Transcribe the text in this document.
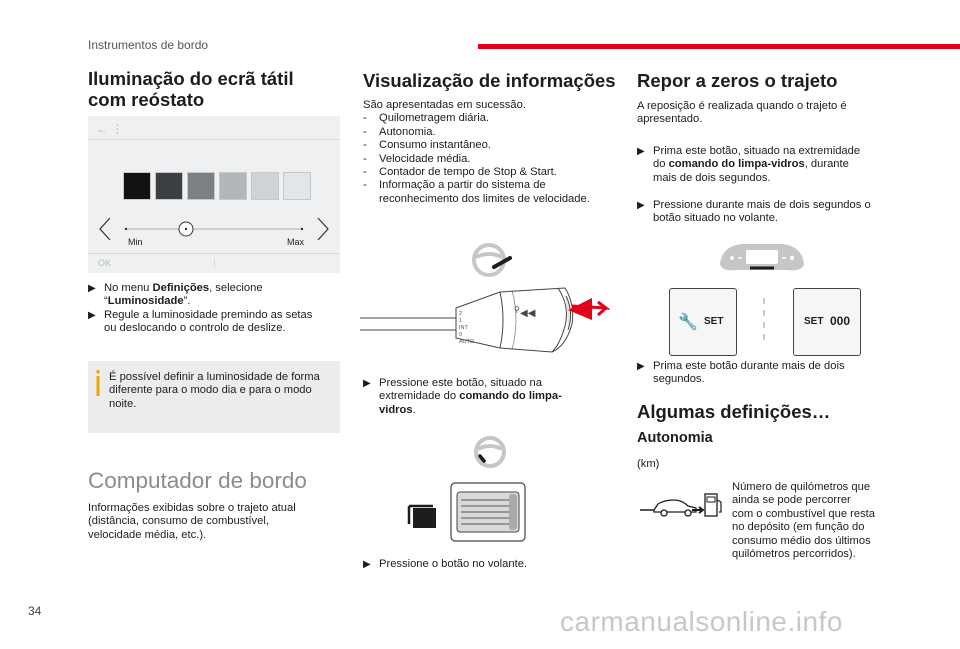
Instrumentos de bordo
Iluminação do ecrã tátil
com reóstato
← ⋮
Min	Max
OK
▶ No menu Definições, selecione
“Luminosidade”.
▶ Regule a luminosidade premindo as setas
ou deslocando o controlo de deslize.
É possível definir a luminosidade de forma
diferente para o modo dia e para o modo
noite.
Computador de bordo
Informações exibidas sobre o trajeto atual
(distância, consumo de combustível,
velocidade média, etc.).
Visualização de informações
São apresentadas em sucessão.
-	Quilometragem diária.
-	Autonomia.
-	Consumo instantâneo.
-	Velocidade média.
-	Contador de tempo de Stop & Start.
-	Informação a partir do sistema de
reconhecimento dos limites de velocidade.
◀◀
⚲
2
1
INT
0
AUTO
▶ Pressione este botão, situado na
extremidade do comando do limpa-
vidros.
▶ Pressione o botão no volante.
Repor a zeros o trajeto
A reposição é realizada quando o trajeto é
apresentado.
▶ Prima este botão, situado na extremidade
do comando do limpa-vidros, durante
mais de dois segundos.
▶ Pressione durante mais de dois segundos o
botão situado no volante.
🔧 SET	SET 000
▶ Prima este botão durante mais de dois
segundos.
Algumas definições…
Autonomia
(km)
Número de quilómetros que
ainda se pode percorrer
com o combustível que resta
no depósito (em função do
consumo médio dos últimos
quilómetros percorridos).
34	carmanualsonline.info
